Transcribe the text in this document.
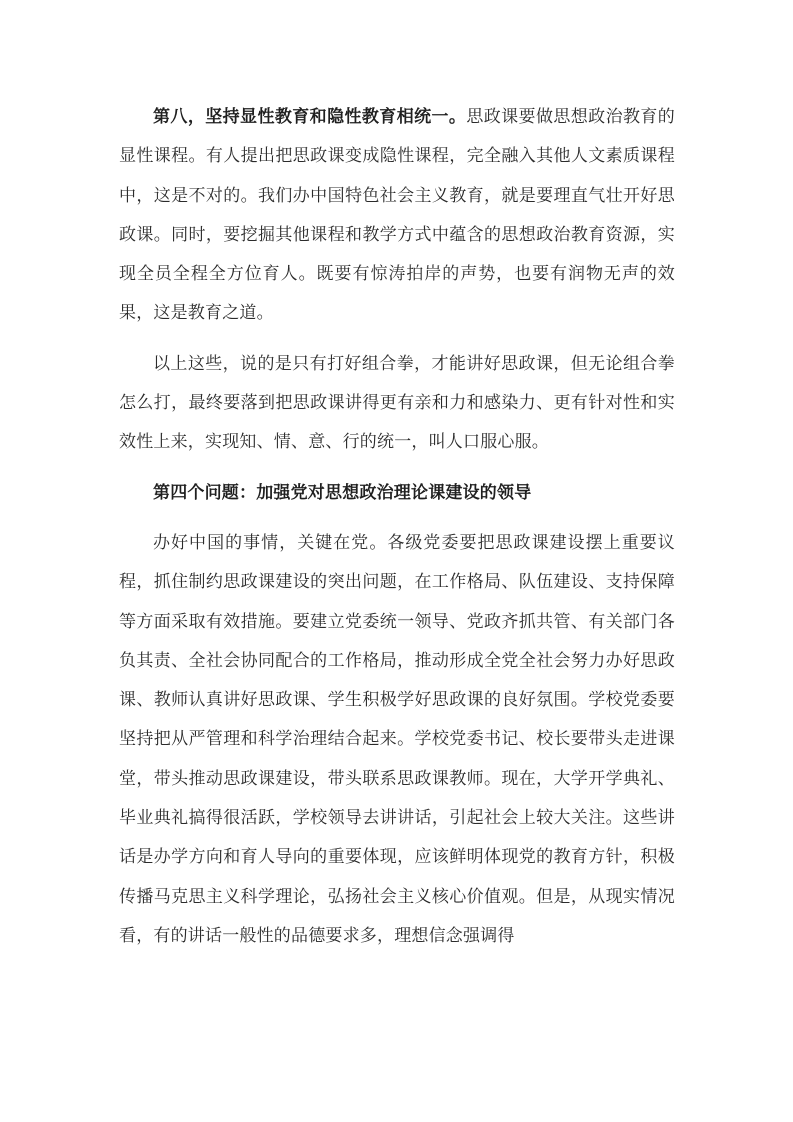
第八，坚持显性教育和隐性教育相统一。思政课要做思想政治教育的显性课程。有人提出把思政课变成隐性课程，完全融入其他人文素质课程中，这是不对的。我们办中国特色社会主义教育，就是要理直气壮开好思政课。同时，要挖掘其他课程和教学方式中蕴含的思想政治教育资源，实现全员全程全方位育人。既要有惊涛拍岸的声势，也要有润物无声的效果，这是教育之道。

以上这些，说的是只有打好组合拳，才能讲好思政课，但无论组合拳怎么打，最终要落到把思政课讲得更有亲和力和感染力、更有针对性和实效性上来，实现知、情、意、行的统一，叫人口服心服。

第四个问题：加强党对思想政治理论课建设的领导

办好中国的事情，关键在党。各级党委要把思政课建设摆上重要议程，抓住制约思政课建设的突出问题，在工作格局、队伍建设、支持保障等方面采取有效措施。要建立党委统一领导、党政齐抓共管、有关部门各负其责、全社会协同配合的工作格局，推动形成全党全社会努力办好思政课、教师认真讲好思政课、学生积极学好思政课的良好氛围。学校党委要坚持把从严管理和科学治理结合起来。学校党委书记、校长要带头走进课堂，带头推动思政课建设，带头联系思政课教师。现在，大学开学典礼、毕业典礼搞得很活跃，学校领导去讲讲话，引起社会上较大关注。这些讲话是办学方向和育人导向的重要体现，应该鲜明体现党的教育方针，积极传播马克思主义科学理论，弘扬社会主义核心价值观。但是，从现实情况看，有的讲话一般性的品德要求多，理想信念强调得
